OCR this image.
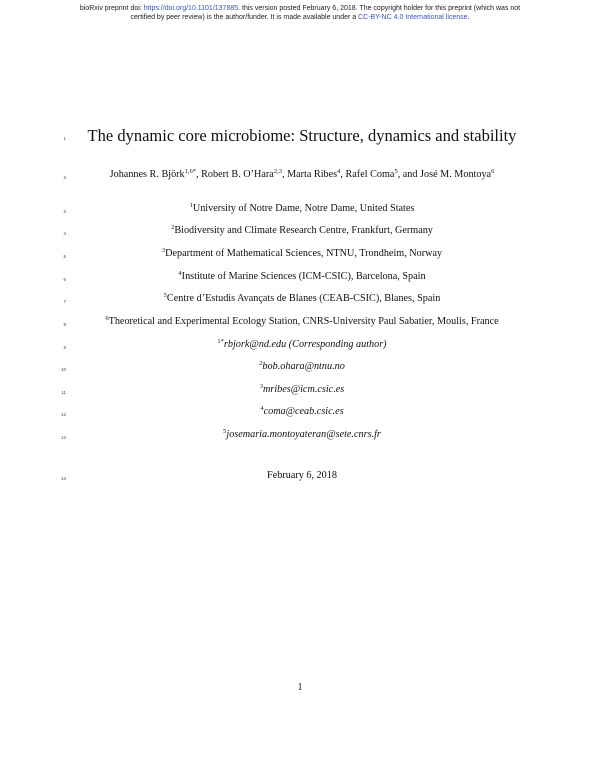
bioRxiv preprint doi: https://doi.org/10.1101/137885. this version posted February 6, 2018. The copyright holder for this preprint (which was not
certified by peer review) is the author/funder. It is made available under a CC-BY-NC 4.0 International license.
1
2
3
4
5
6
7
8
9
10
11
12
13
14
The dynamic core microbiome: Structure, dynamics and stability
Johannes R. Björk$^{1,6*}$, Robert B. O’Hara$^{2,3}$, Marta Ribes$^4$, Rafel Coma$^5$, and José M. Montoya$^6$
$^1$University of Notre Dame, Notre Dame, United States
$^2$Biodiversity and Climate Research Centre, Frankfurt, Germany
$^3$Department of Mathematical Sciences, NTNU, Trondheim, Norway
$^4$Institute of Marine Sciences (ICM-CSIC), Barcelona, Spain
$^5$Centre d’Estudis Avançats de Blanes (CEAB-CSIC), Blanes, Spain
$^6$Theoretical and Experimental Ecology Station, CNRS-University Paul Sabatier, Moulis, France
$^{1*}$rbjork@nd.edu (Corresponding author)
$^2$bob.ohara@ntnu.no
$^3$mribes@icm.csic.es
$^4$coma@ceab.csic.es
$^5$josemaria.montoyateran@sete.cnrs.fr
February 6, 2018
1
